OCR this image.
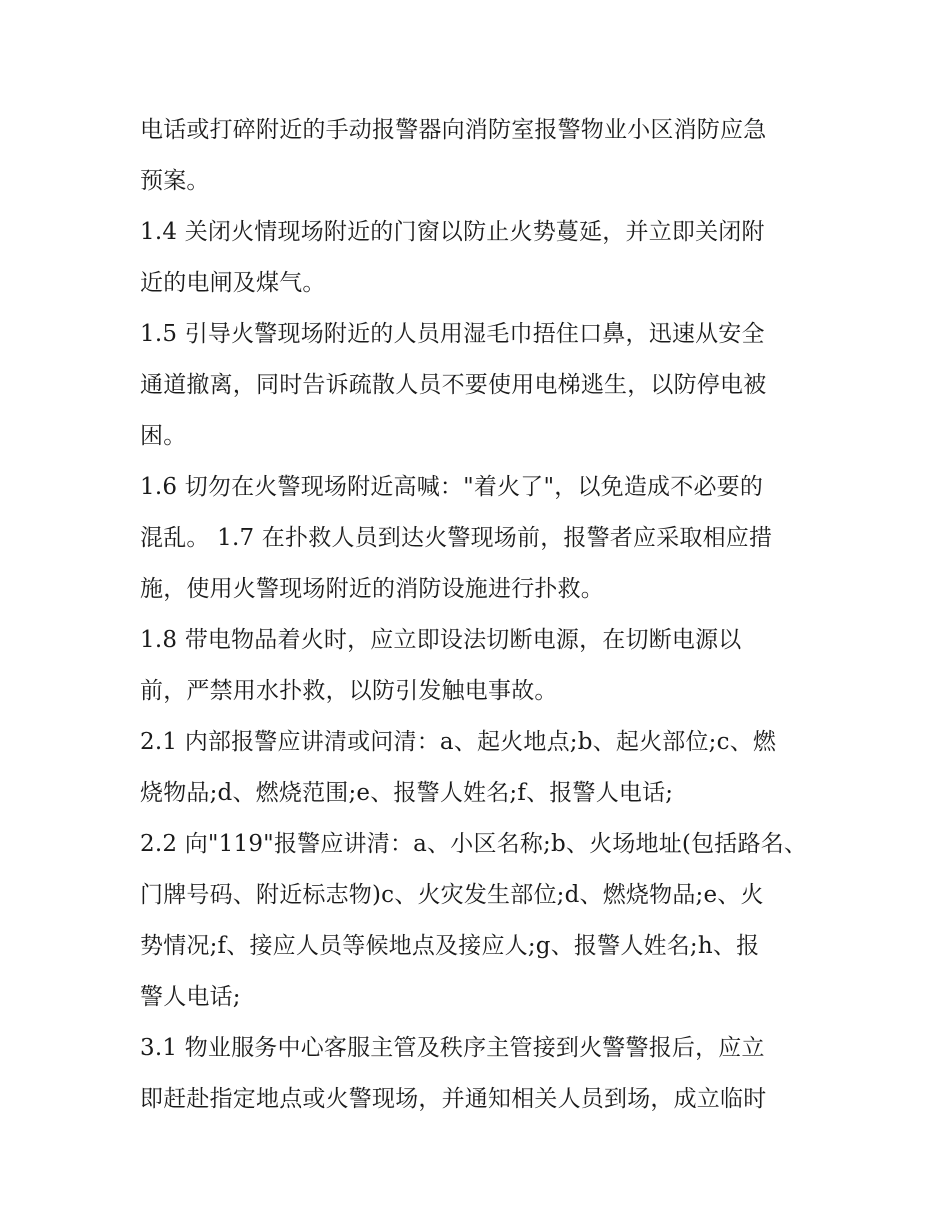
电话或打碎附近的手动报警器向消防室报警物业小区消防应急
预案。
1.4 关闭火情现场附近的门窗以防止火势蔓延，并立即关闭附
近的电闸及煤气。
1.5 引导火警现场附近的人员用湿毛巾捂住口鼻，迅速从安全
通道撤离，同时告诉疏散人员不要使用电梯逃生，以防停电被
困。
1.6 切勿在火警现场附近高喊："着火了"，以免造成不必要的
混乱。 1.7 在扑救人员到达火警现场前，报警者应采取相应措
施，使用火警现场附近的消防设施进行扑救。
1.8 带电物品着火时，应立即设法切断电源，在切断电源以
前，严禁用水扑救，以防引发触电事故。
2.1 内部报警应讲清或问清：a、起火地点;b、起火部位;c、燃
烧物品;d、燃烧范围;e、报警人姓名;f、报警人电话;
2.2 向"119"报警应讲清：a、小区名称;b、火场地址(包括路名、
门牌号码、附近标志物)c、火灾发生部位;d、燃烧物品;e、火
势情况;f、接应人员等候地点及接应人;g、报警人姓名;h、报
警人电话;
3.1 物业服务中心客服主管及秩序主管接到火警警报后，应立
即赶赴指定地点或火警现场，并通知相关人员到场，成立临时
